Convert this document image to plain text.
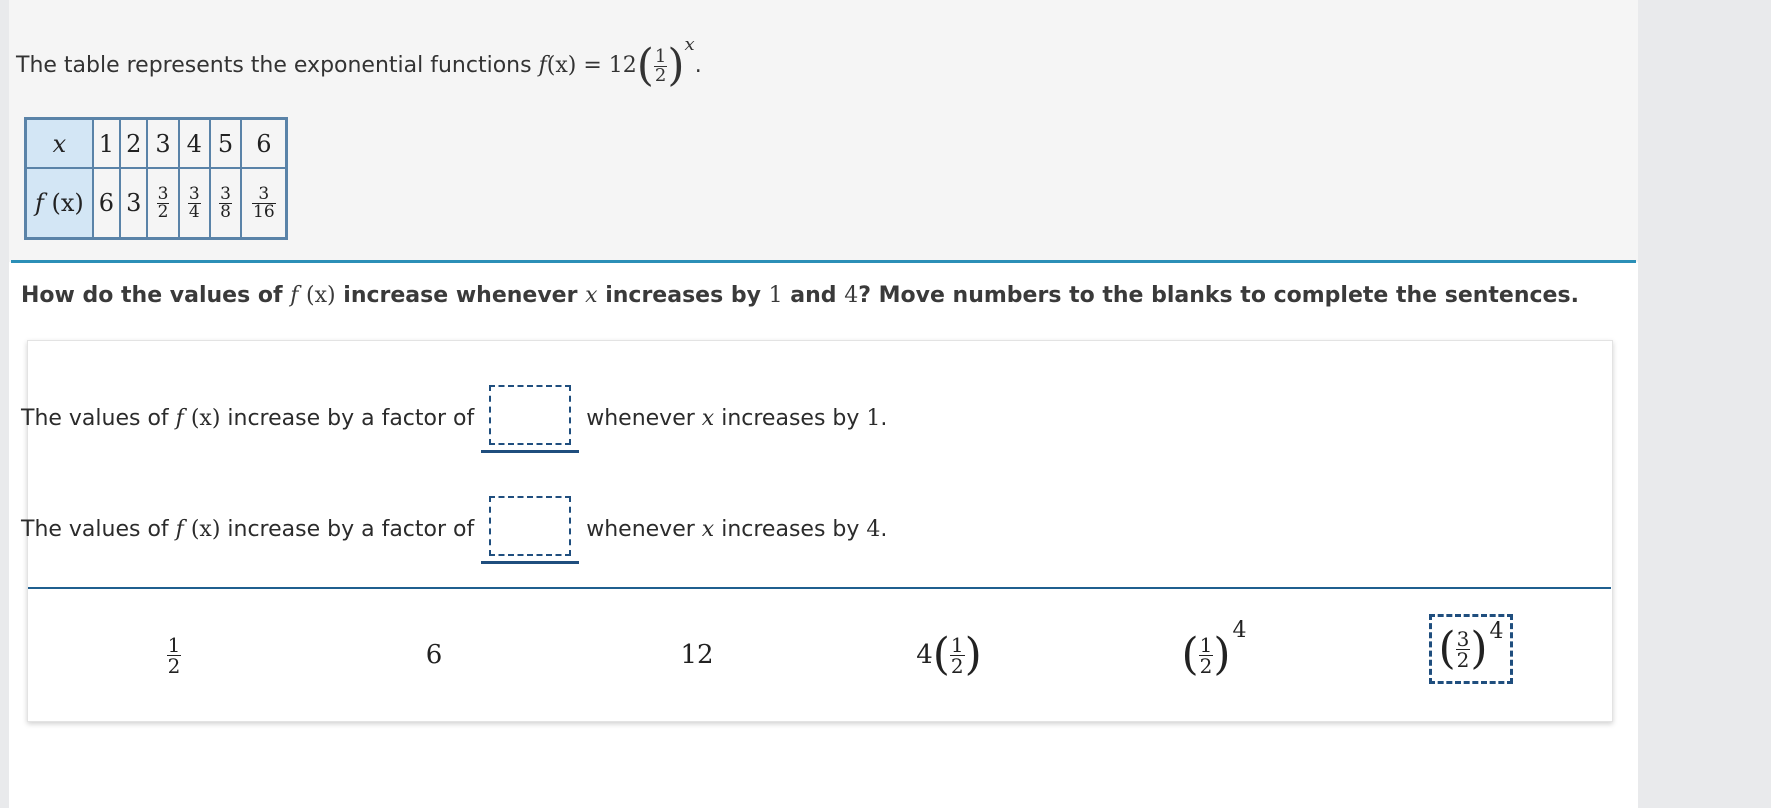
The table represents the exponential functions $f(x) = 12( \frac{1}{2} )^x$.
x	1	2	3	4	5	6
f (x)	6	3	$\frac{3}{2}$	$\frac{3}{4}$	$\frac{3}{8}$	$\frac{3}{16}$
How do the values of f (x) increase whenever x increases by 1 and 4? Move numbers to the blanks to complete the sentences.
The values of f (x) increase by a factor of	whenever x increases by 1.
The values of f (x) increase by a factor of	whenever x increases by 4.
$\frac{1}{2}$	6	12	4 ( $\frac{1}{2}$ )	( $\frac{1}{2}$ ) 4	( $\frac{3}{2}$ ) 4
